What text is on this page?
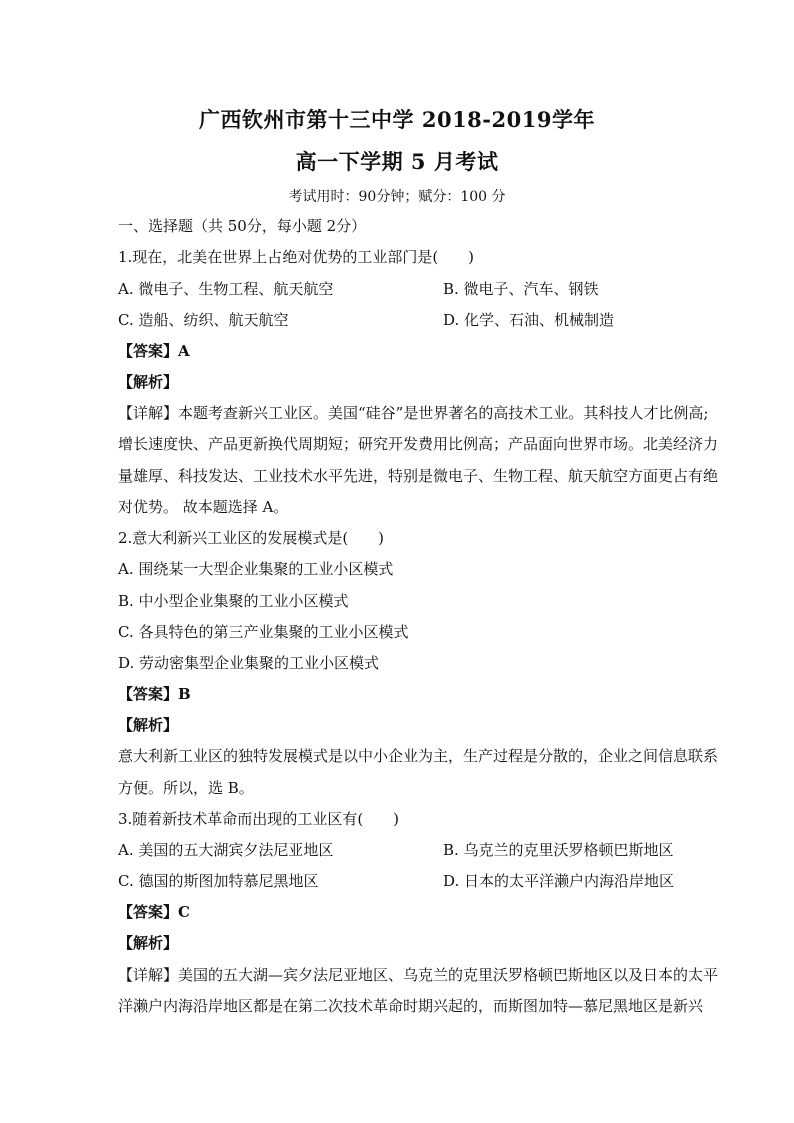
广西钦州市第十三中学 2018-2019学年
高一下学期 5 月考试
考试用时：90分钟；赋分：100 分
一、选择题（共 50分，每小题 2分）
1.现在，北美在世界上占绝对优势的工业部门是(　　)
A. 微电子、生物工程、航天航空	B. 微电子、汽车、钢铁
C. 造船、纺织、航天航空	D. 化学、石油、机械制造
【答案】A
【解析】
【详解】本题考查新兴工业区。美国“硅谷”是世界著名的高技术工业。其科技人才比例高;
增长速度快、产品更新换代周期短；研究开发费用比例高；产品面向世界市场。北美经济力
量雄厚、科技发达、工业技术水平先进，特别是微电子、生物工程、航天航空方面更占有绝
对优势。 故本题选择 A。
2.意大利新兴工业区的发展模式是(　　)
A. 围绕某一大型企业集聚的工业小区模式
B. 中小型企业集聚的工业小区模式
C. 各具特色的第三产业集聚的工业小区模式
D. 劳动密集型企业集聚的工业小区模式
【答案】B
【解析】
意大利新工业区的独特发展模式是以中小企业为主，生产过程是分散的，企业之间信息联系
方便。所以，选 B。
3.随着新技术革命而出现的工业区有(　　)
A. 美国的五大湖宾夕法尼亚地区	B. 乌克兰的克里沃罗格顿巴斯地区
C. 德国的斯图加特慕尼黑地区	D. 日本的太平洋濑户内海沿岸地区
【答案】C
【解析】
【详解】美国的五大湖—宾夕法尼亚地区、乌克兰的克里沃罗格顿巴斯地区以及日本的太平
洋濑户内海沿岸地区都是在第二次技术革命时期兴起的，而斯图加特—慕尼黑地区是新兴
